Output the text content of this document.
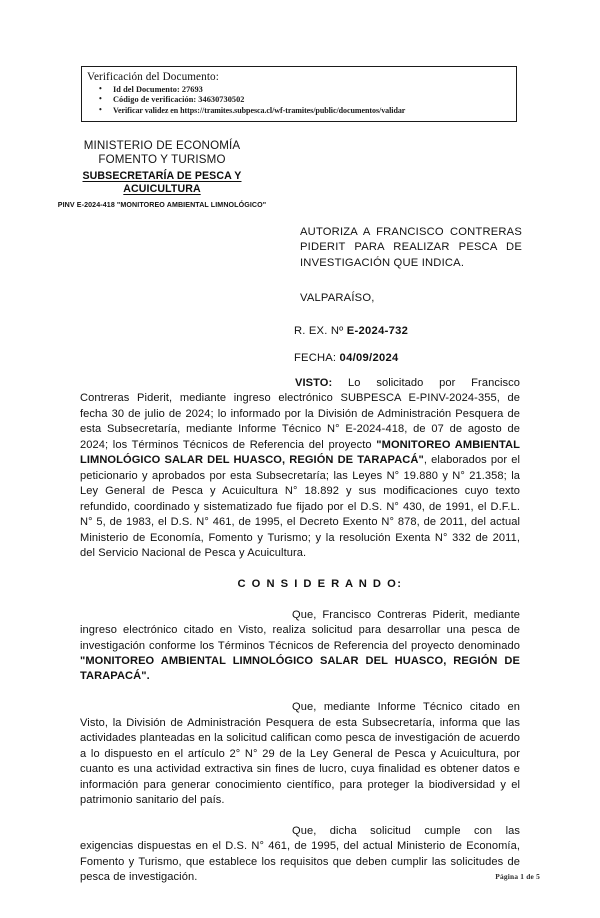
Verificación del Documento:
• Id del Documento: 27693
• Código de verificación: 34630730502
• Verificar validez en https://tramites.subpesca.cl/wf-tramites/public/documentos/validar
MINISTERIO DE ECONOMÍA
FOMENTO Y TURISMO
SUBSECRETARÍA DE PESCA Y
ACUICULTURA
PINV E-2024-418 "MONITOREO AMBIENTAL LIMNOLÓGICO"
AUTORIZA A FRANCISCO CONTRERAS PIDERIT PARA REALIZAR PESCA DE INVESTIGACIÓN QUE INDICA.
VALPARAÍSO,
R. EX. Nº E-2024-732
FECHA: 04/09/2024

VISTO: Lo solicitado por Francisco Contreras Piderit, mediante ingreso electrónico SUBPESCA E-PINV-2024-355, de fecha 30 de julio de 2024; lo informado por la División de Administración Pesquera de esta Subsecretaría, mediante Informe Técnico N° E-2024-418, de 07 de agosto de 2024; los Términos Técnicos de Referencia del proyecto "MONITOREO AMBIENTAL LIMNOLÓGICO SALAR DEL HUASCO, REGIÓN DE TARAPACÁ", elaborados por el peticionario y aprobados por esta Subsecretaría; las Leyes N° 19.880 y N° 21.358; la Ley General de Pesca y Acuicultura N° 18.892 y sus modificaciones cuyo texto refundido, coordinado y sistematizado fue fijado por el D.S. N° 430, de 1991, el D.F.L. N° 5, de 1983, el D.S. N° 461, de 1995, el Decreto Exento N° 878, de 2011, del actual Ministerio de Economía, Fomento y Turismo; y la resolución Exenta N° 332 de 2011, del Servicio Nacional de Pesca y Acuicultura.

C O N S I D E R A N D O:

Que, Francisco Contreras Piderit, mediante ingreso electrónico citado en Visto, realiza solicitud para desarrollar una pesca de investigación conforme los Términos Técnicos de Referencia del proyecto denominado "MONITOREO AMBIENTAL LIMNOLÓGICO SALAR DEL HUASCO, REGIÓN DE TARAPACÁ".

Que, mediante Informe Técnico citado en Visto, la División de Administración Pesquera de esta Subsecretaría, informa que las actividades planteadas en la solicitud califican como pesca de investigación de acuerdo a lo dispuesto en el artículo 2° N° 29 de la Ley General de Pesca y Acuicultura, por cuanto es una actividad extractiva sin fines de lucro, cuya finalidad es obtener datos e información para generar conocimiento científico, para proteger la biodiversidad y el patrimonio sanitario del país.

Que, dicha solicitud cumple con las exigencias dispuestas en el D.S. N° 461, de 1995, del actual Ministerio de Economía, Fomento y Turismo, que establece los requisitos que deben cumplir las solicitudes de pesca de investigación.	Página 1 de 5
